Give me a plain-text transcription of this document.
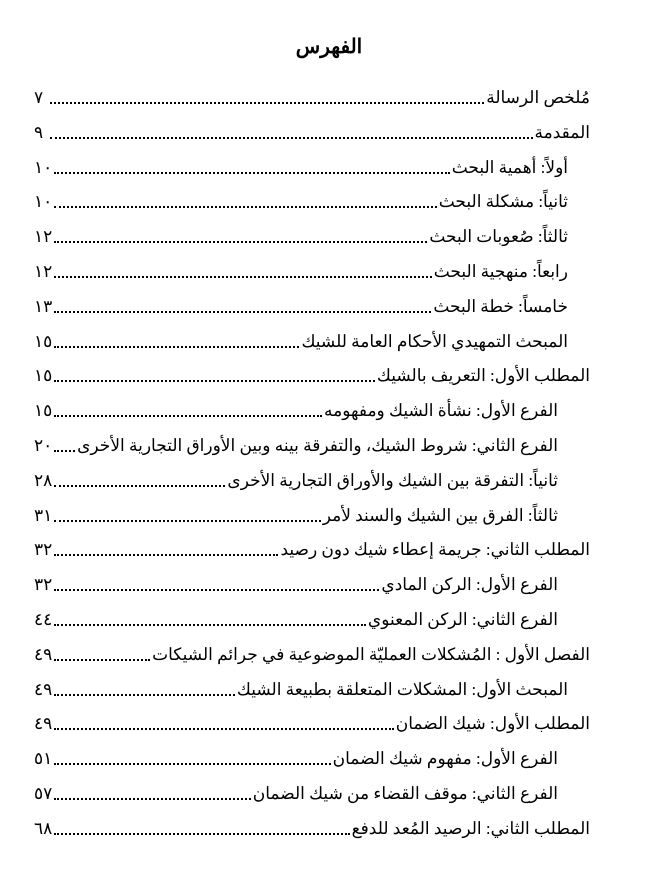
الفهرس
مُلخص الرسالة
٧
المقدمة
٩
أولاً: أهمية البحث
١٠
ثانياً: مشكلة البحث
١٠
ثالثاً: صُعوبات البحث
١٢
رابعاً: منهجية البحث
١٢
خامساً: خطة البحث
١٣
المبحث التمهيدي الأحكام العامة للشيك
١٥
المطلب الأول: التعريف بالشيك
١٥
الفرع الأول: نشأة الشيك ومفهومه
١٥
الفرع الثاني: شروط الشيك، والتفرقة بينه وبين الأوراق التجارية الأخرى
٢٠
ثانياً: التفرقة بين الشيك والأوراق التجارية الأخرى
٢٨
ثالثاً: الفرق بين الشيك والسند لأمر
٣١
المطلب الثاني: جريمة إعطاء شيك دون رصيد
٣٢
الفرع الأول: الركن المادي
٣٢
الفرع الثاني: الركن المعنوي
٤٤
الفصل الأول : المُشكلات العمليّة الموضوعية في جرائم الشيكات
٤٩
المبحث الأول: المشكلات المتعلقة بطبيعة الشيك
٤٩
المطلب الأول: شيك الضمان
٤٩
الفرع الأول: مفهوم شيك الضمان
٥١
الفرع الثاني: موقف القضاء من شيك الضمان
٥٧
المطلب الثاني: الرصيد المُعد للدفع
٦٨
